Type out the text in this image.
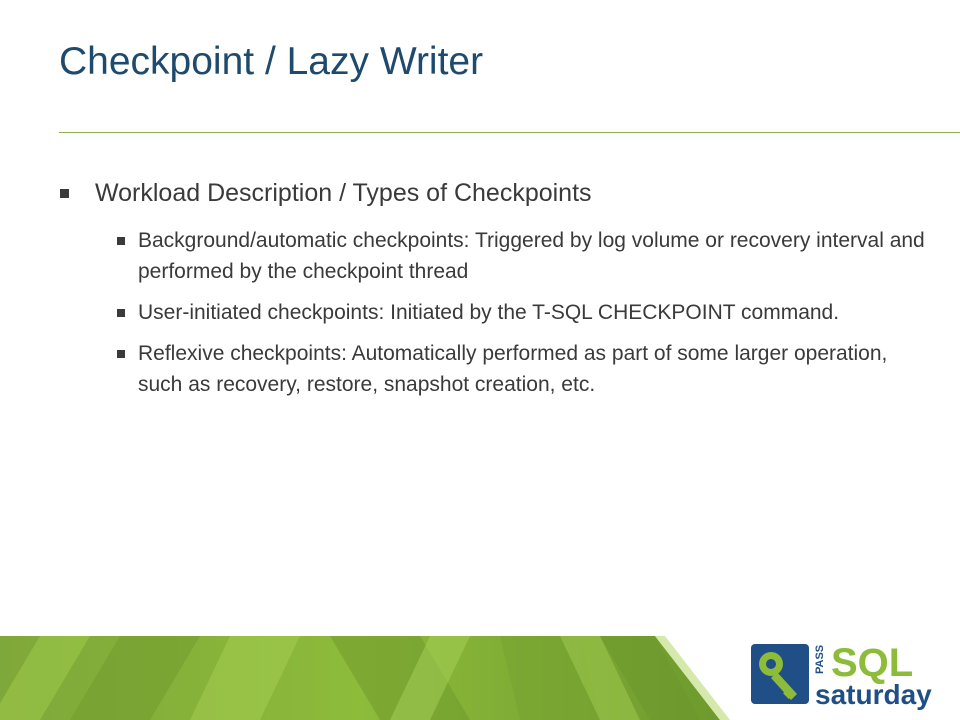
Checkpoint / Lazy Writer
Workload Description / Types of Checkpoints
Background/automatic checkpoints: Triggered by log volume or recovery interval and performed by the checkpoint thread
User-initiated checkpoints: Initiated by the T-SQL CHECKPOINT command.
Reflexive checkpoints: Automatically performed as part of some larger operation, such as recovery, restore, snapshot creation, etc.
PASS SQL
saturday
